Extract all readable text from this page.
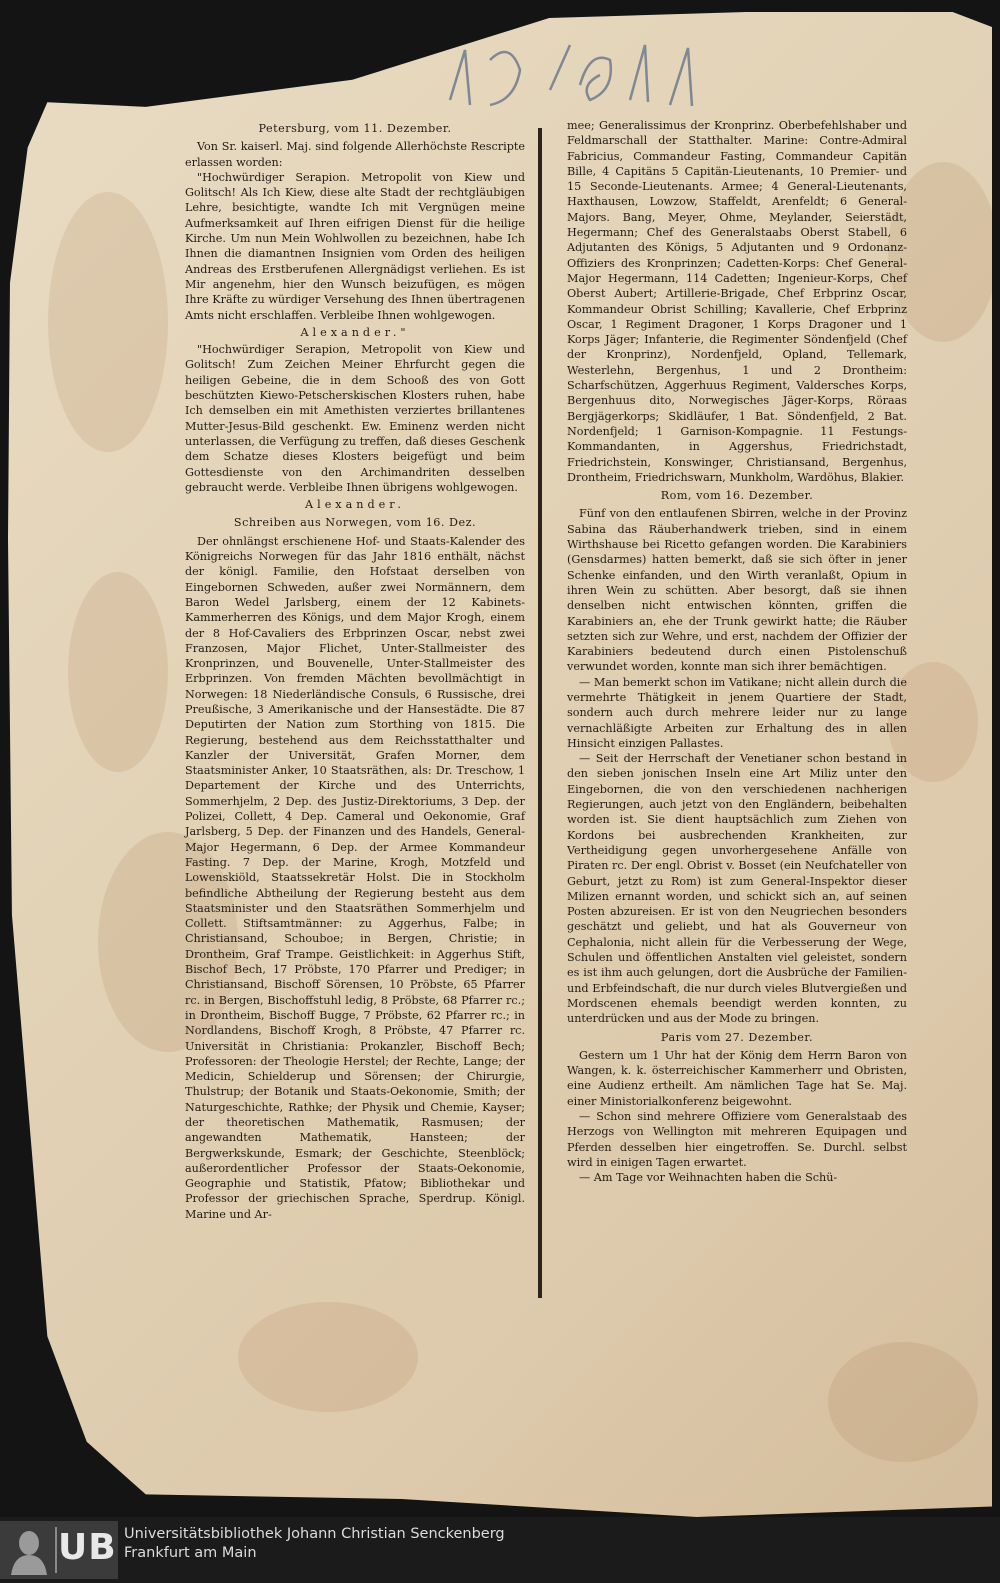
Petersburg, vom 11. Dezember.

Von Sr. kaiserl. Maj. sind folgende Allerhöchste Rescripte erlassen worden:

"Hochwürdiger Serapion. Metropolit von Kiew und Golitsch! Als Ich Kiew, diese alte Stadt der rechtgläubigen Lehre, besichtigte, wandte Ich mit Vergnügen meine Aufmerksamkeit auf Ihren eifrigen Dienst für die heilige Kirche. Um nun Mein Wohlwollen zu bezeichnen, habe Ich Ihnen die diamantnen Insignien vom Orden des heiligen Andreas des Erstberufenen Allergnädigst verliehen. Es ist Mir angenehm, hier den Wunsch beizufügen, es mögen Ihre Kräfte zu würdiger Versehung des Ihnen übertragenen Amts nicht erschlaffen. Verbleibe Ihnen wohlgewogen.

Alexander."

"Hochwürdiger Serapion, Metropolit von Kiew und Golitsch! Zum Zeichen Meiner Ehrfurcht gegen die heiligen Gebeine, die in dem Schooß des von Gott beschützten Kiewo-Petscherskischen Klosters ruhen, habe Ich demselben ein mit Amethisten verziertes brillantenes Mutter-Jesus-Bild geschenkt. Ew. Eminenz werden nicht unterlassen, die Verfügung zu treffen, daß dieses Geschenk dem Schatze dieses Klosters beigefügt und beim Gottesdienste von den Archimandriten desselben gebraucht werde. Verbleibe Ihnen übrigens wohlgewogen.

Alexander.

Schreiben aus Norwegen, vom 16. Dez.

Der ohnlängst erschienene Hof- und Staats-Kalender des Königreichs Norwegen für das Jahr 1816 enthält, nächst der königl. Familie, den Hofstaat derselben von Eingebornen Schweden, außer zwei Normännern, dem Baron Wedel Jarlsberg, einem der 12 Kabinets-Kammerherren des Königs, und dem Major Krogh, einem der 8 Hof-Cavaliers des Erbprinzen Oscar, nebst zwei Franzosen, Major Flichet, Unter-Stallmeister des Kronprinzen, und Bouvenelle, Unter-Stallmeister des Erbprinzen. Von fremden Mächten bevollmächtigt in Norwegen: 18 Niederländische Consuls, 6 Russische, drei Preußische, 3 Amerikanische und der Hansestädte. Die 87 Deputirten der Nation zum Storthing von 1815. Die Regierung, bestehend aus dem Reichsstatthalter und Kanzler der Universität, Grafen Morner, dem Staatsminister Anker, 10 Staatsräthen, als: Dr. Treschow, 1 Departement der Kirche und des Unterrichts, Sommerhjelm, 2 Dep. des Justiz-Direktoriums, 3 Dep. der Polizei, Collett, 4 Dep. Cameral und Oekonomie, Graf Jarlsberg, 5 Dep. der Finanzen und des Handels, General-Major Hegermann, 6 Dep. der Armee Kommandeur Fasting. 7 Dep. der Marine, Krogh, Motzfeld und Lowenskiöld, Staatssekretär Holst. Die in Stockholm befindliche Abtheilung der Regierung besteht aus dem Staatsminister und den Staatsräthen Sommerhjelm und Collett. Stiftsamtmänner: zu Aggerhus, Falbe; in Christiansand, Schouboe; in Bergen, Christie; in Drontheim, Graf Trampe. Geistlichkeit: in Aggerhus Stift, Bischof Bech, 17 Pröbste, 170 Pfarrer und Prediger; in Christiansand, Bischoff Sörensen, 10 Pröbste, 65 Pfarrer rc. in Bergen, Bischoffstuhl ledig, 8 Pröbste, 68 Pfarrer rc.; in Drontheim, Bischoff Bugge, 7 Pröbste, 62 Pfarrer rc.; in Nordlandens, Bischoff Krogh, 8 Pröbste, 47 Pfarrer rc. Universität in Christiania: Prokanzler, Bischoff Bech; Professoren: der Theologie Herstel; der Rechte, Lange; der Medicin, Schielderup und Sörensen; der Chirurgie, Thulstrup; der Botanik und Staats-Oekonomie, Smith; der Naturgeschichte, Rathke; der Physik und Chemie, Kayser; der theoretischen Mathematik, Rasmusen; der angewandten Mathematik, Hansteen; der Bergwerkskunde, Esmark; der Geschichte, Steenblöck; außerordentlicher Professor der Staats-Oekonomie, Geographie und Statistik, Pfatow; Bibliothekar und Professor der griechischen Sprache, Sperdrup. Königl. Marine und Ar-

mee; Generalissimus der Kronprinz. Oberbefehlshaber und Feldmarschall der Statthalter. Marine: Contre-Admiral Fabricius, Commandeur Fasting, Commandeur Capitän Bille, 4 Capitäns 5 Capitän-Lieutenants, 10 Premier- und 15 Seconde-Lieutenants. Armee; 4 General-Lieutenants, Haxthausen, Lowzow, Staffeldt, Arenfeldt; 6 General-Majors. Bang, Meyer, Ohme, Meylander, Seierstädt, Hegermann; Chef des Generalstaabs Oberst Stabell, 6 Adjutanten des Königs, 5 Adjutanten und 9 Ordonanz-Offiziers des Kronprinzen; Cadetten-Korps: Chef General-Major Hegermann, 114 Cadetten; Ingenieur-Korps, Chef Oberst Aubert; Artillerie-Brigade, Chef Erbprinz Oscar, Kommandeur Obrist Schilling; Kavallerie, Chef Erbprinz Oscar, 1 Regiment Dragoner, 1 Korps Dragoner und 1 Korps Jäger; Infanterie, die Regimenter Söndenfjeld (Chef der Kronprinz), Nordenfjeld, Opland, Tellemark, Westerlehn, Bergenhus, 1 und 2 Drontheim: Scharfschützen, Aggerhuus Regiment, Valdersches Korps, Bergenhuus dito, Norwegisches Jäger-Korps, Röraas Bergjägerkorps; Skidläufer, 1 Bat. Söndenfjeld, 2 Bat. Nordenfjeld; 1 Garnison-Kompagnie. 11 Festungs-Kommandanten, in Aggershus, Friedrichstadt, Friedrichstein, Konswinger, Christiansand, Bergenhus, Drontheim, Friedrichswarn, Munkholm, Wardöhus, Blakier.

Rom, vom 16. Dezember.

Fünf von den entlaufenen Sbirren, welche in der Provinz Sabina das Räuberhandwerk trieben, sind in einem Wirthshause bei Ricetto gefangen worden. Die Karabiniers (Gensdarmes) hatten bemerkt, daß sie sich öfter in jener Schenke einfanden, und den Wirth veranlaßt, Opium in ihren Wein zu schütten. Aber besorgt, daß sie ihnen denselben nicht entwischen könnten, griffen die Karabiniers an, ehe der Trunk gewirkt hatte; die Räuber setzten sich zur Wehre, und erst, nachdem der Offizier der Karabiniers bedeutend durch einen Pistolenschuß verwundet worden, konnte man sich ihrer bemächtigen.

— Man bemerkt schon im Vatikane; nicht allein durch die vermehrte Thätigkeit in jenem Quartiere der Stadt, sondern auch durch mehrere leider nur zu lange vernachläßigte Arbeiten zur Erhaltung des in allen Hinsicht einzigen Pallastes.

— Seit der Herrschaft der Venetianer schon bestand in den sieben jonischen Inseln eine Art Miliz unter den Eingebornen, die von den verschiedenen nachherigen Regierungen, auch jetzt von den Engländern, beibehalten worden ist. Sie dient hauptsächlich zum Ziehen von Kordons bei ausbrechenden Krankheiten, zur Vertheidigung gegen unvorhergesehene Anfälle von Piraten rc. Der engl. Obrist v. Bosset (ein Neufchateller von Geburt, jetzt zu Rom) ist zum General-Inspektor dieser Milizen ernannt worden, und schickt sich an, auf seinen Posten abzureisen. Er ist von den Neugriechen besonders geschätzt und geliebt, und hat als Gouverneur von Cephalonia, nicht allein für die Verbesserung der Wege, Schulen und öffentlichen Anstalten viel geleistet, sondern es ist ihm auch gelungen, dort die Ausbrüche der Familien- und Erbfeindschaft, die nur durch vieles Blutvergießen und Mordscenen ehemals beendigt werden konnten, zu unterdrücken und aus der Mode zu bringen.

Paris vom 27. Dezember.

Gestern um 1 Uhr hat der König dem Herrn Baron von Wangen, k. k. österreichischer Kammerherr und Obristen, eine Audienz ertheilt. Am nämlichen Tage hat Se. Maj. einer Ministorialkonferenz beigewohnt.

— Schon sind mehrere Offiziere vom Generalstaab des Herzogs von Wellington mit mehreren Equipagen und Pferden desselben hier eingetroffen. Se. Durchl. selbst wird in einigen Tagen erwartet.

— Am Tage vor Weihnachten haben die Schü-

UB Universitätsbibliothek Johann Christian Senckenberg
Frankfurt am Main
